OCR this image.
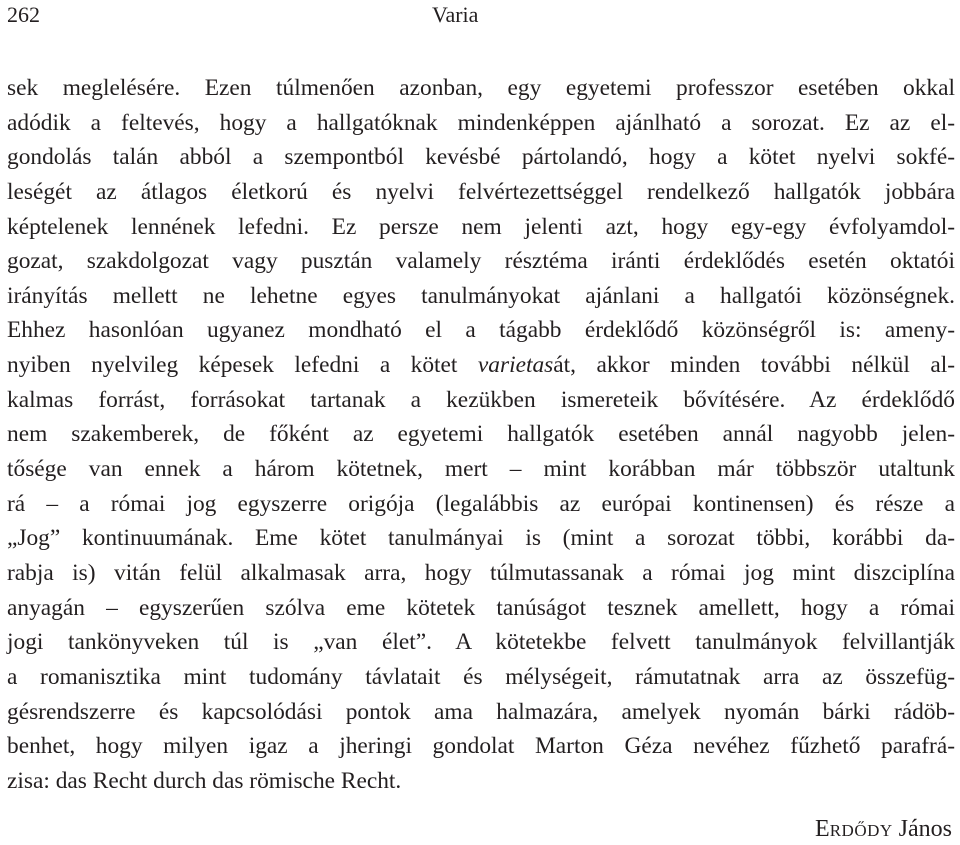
262	Varia
sek meglelésére. Ezen túlmenően azonban, egy egyetemi professzor esetében okkal
adódik a feltevés, hogy a hallgatóknak mindenképpen ajánlható a sorozat. Ez az el-
gondolás talán abból a szempontból kevésbé pártolandó, hogy a kötet nyelvi sokfé-
leségét az átlagos életkorú és nyelvi felvértezettséggel rendelkező hallgatók jobbára
képtelenek lennének lefedni. Ez persze nem jelenti azt, hogy egy-egy évfolyamdol-
gozat, szakdolgozat vagy pusztán valamely résztéma iránti érdeklődés esetén oktatói
irányítás mellett ne lehetne egyes tanulmányokat ajánlani a hallgatói közönségnek.
Ehhez hasonlóan ugyanez mondható el a tágabb érdeklődő közönségről is: ameny-
nyiben nyelvileg képesek lefedni a kötet varietasát, akkor minden további nélkül al-
kalmas forrást, forrásokat tartanak a kezükben ismereteik bővítésére. Az érdeklődő
nem szakemberek, de főként az egyetemi hallgatók esetében annál nagyobb jelen-
tősége van ennek a három kötetnek, mert – mint korábban már többször utaltunk
rá – a római jog egyszerre origója (legalábbis az európai kontinensen) és része a
„Jog” kontinuumának. Eme kötet tanulmányai is (mint a sorozat többi, korábbi da-
rabja is) vitán felül alkalmasak arra, hogy túlmutassanak a római jog mint diszciplína
anyagán – egyszerűen szólva eme kötetek tanúságot tesznek amellett, hogy a római
jogi tankönyveken túl is „van élet”. A kötetekbe felvett tanulmányok felvillantják
a romanisztika mint tudomány távlatait és mélységeit, rámutatnak arra az összefüg-
gésrendszerre és kapcsolódási pontok ama halmazára, amelyek nyomán bárki rádöb-
benhet, hogy milyen igaz a jheringi gondolat Marton Géza nevéhez fűzhető parafrá-
zisa: das Recht durch das römische Recht.
ERDŐDY János
